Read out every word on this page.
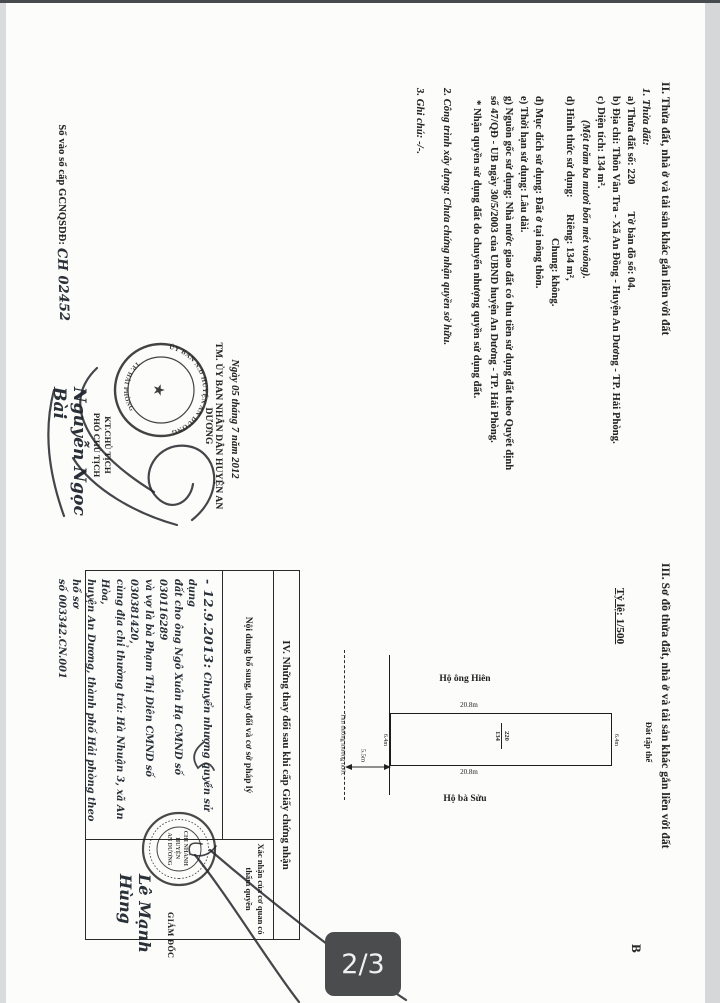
II. Thửa đất, nhà ở và tài sản khác gắn liền với đất
1. Thửa đất:
a) Thửa đất số: 220          Tờ bản đồ số: 04.
b) Địa chỉ: Thôn Vân Tra - Xã An Đồng - Huyện An Dương - TP. Hải Phòng.
c) Diện tích: 134 m².
(Một trăm ba mươi bốn mét vuông).
d) Hình thức sử dụng:      Riêng: 134 m²,
Chung: không.
đ) Mục đích sử dụng: Đất ở tại nông thôn.
e) Thời hạn sử dụng: Lâu dài.
g) Nguồn gốc sử dụng: Nhà nước giao đất có thu tiền sử dụng đất theo Quyết định
số 47/QĐ - UB ngày 30/5/2003 của UBND huyện An Dương - TP. Hải Phòng.
* Nhận quyền sử dụng đất do chuyển nhượng quyền sử dụng đất.
2. Công trình xây dựng: Chưa chứng nhận quyền sở hữu.
3. Ghi chú: -/-.
Ngày 05 tháng 7 năm 2012
TM. ỦY BAN NHÂN DÂN HUYỆN AN DƯƠNG
ỦY BAN N.D HUYỆN AN DƯƠNG
TP. HẢI PHÒNG
★
KT.CHỦ TỊCH
PHÓ CHỦ TỊCH
Nguyễn Ngọc Bài

Số vào sổ cấp GCNQSDĐ: CH 02452

III. Sơ đồ thửa đất, nhà ở và tài sản khác gắn liền với đất
Tỷ lệ: 1/500
B
Hộ ông Hiên
20.8m
220
134
20.8m
Hộ bà Sửu
6.4m	Đất tập thể
6.4m
5.5m
Tim đường mương nước
IV. Những thay đổi sau khi cấp Giấy chứng nhận
Nội dung bổ sung, thay đổi và cơ sở pháp lý
Xác nhận của cơ quan có thẩm quyền
- 12.9.2013: Chuyển nhượng quyền sử dụng
đất cho ông Ngô Xuân Hạ CMND số 030116289
và vợ là bà Phạm Thị Diên CMND số 030381420,
cùng địa chỉ thường trú: Hà Nhuận 3, xã An Hòa,
huyện An Dương, thành phố Hải phòng theo hồ sơ
số 003342.CN.001
CHI NHÁNH HUYỆN AN DƯƠNG
GIÁM ĐỐC
Lê Mạnh Hùng
2/3
